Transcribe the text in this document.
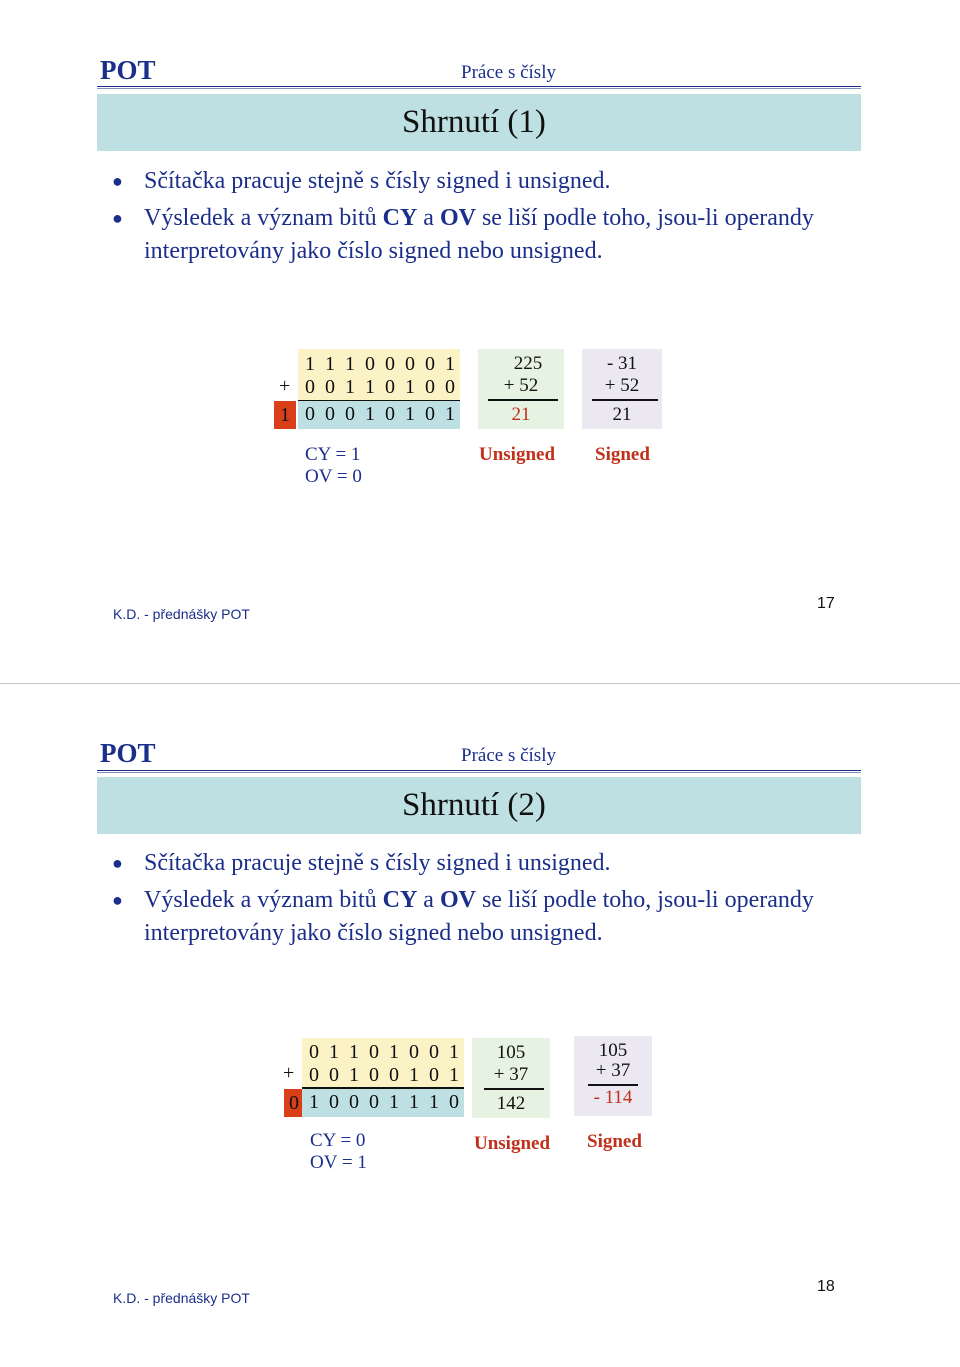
POT	Práce s čísly
Shrnutí (1)
● Sčítačka pracuje stejně s čísly signed i unsigned.
● Výsledek a význam bitů CY a OV se liší podle toho, jsou-li operandy interpretovány jako číslo signed nebo unsigned.
+
1 1 1 0 0 0 0 1
0 0 1 1 0 1 0 0
1 0 0 0 1 0 1 0 1
225
+ 52
21
- 31
+ 52
21
CY = 1
OV = 0
Unsigned Signed
K.D. - přednášky POT
17
POT	Práce s čísly
Shrnutí (2)
● Sčítačka pracuje stejně s čísly signed i unsigned.
● Výsledek a význam bitů CY a OV se liší podle toho, jsou-li operandy interpretovány jako číslo signed nebo unsigned.
+
0 1 1 0 1 0 0 1
0 0 1 0 0 1 0 1
0 1 0 0 0 1 1 1 0
105
+ 37
142
105
+ 37
- 114
CY = 0
OV = 1
Unsigned Signed
K.D. - přednášky POT
18
